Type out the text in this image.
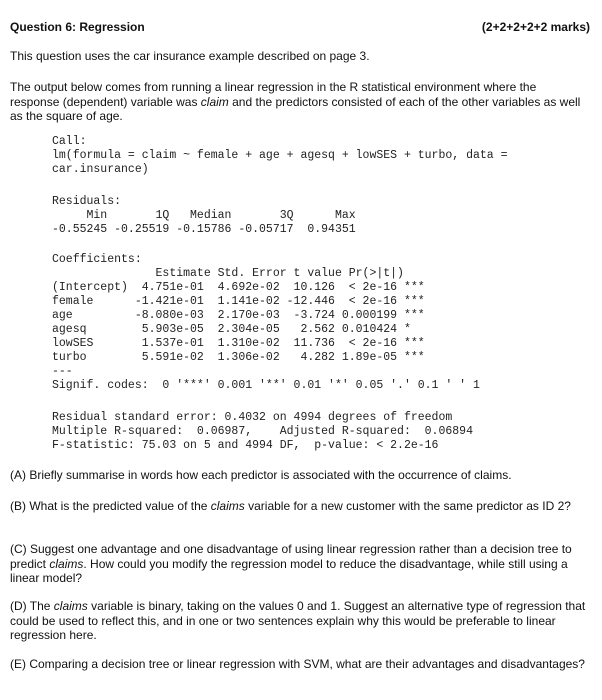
Question 6: Regression	(2+2+2+2+2 marks)
This question uses the car insurance example described on page 3.
The output below comes from running a linear regression in the R statistical environment where the response (dependent) variable was claim and the predictors consisted of each of the other variables as well as the square of age.
Call:
lm(formula = claim ~ female + age + agesq + lowSES + turbo, data =
car.insurance)
Residuals:
Min       1Q   Median       3Q      Max
-0.55245 -0.25519 -0.15786 -0.05717  0.94351
Coefficients:
Estimate Std. Error t value Pr(>|t|)
(Intercept)  4.751e-01  4.692e-02  10.126  < 2e-16 ***
female      -1.421e-01  1.141e-02 -12.446  < 2e-16 ***
age         -8.080e-03  2.170e-03  -3.724 0.000199 ***
agesq        5.903e-05  2.304e-05   2.562 0.010424 *
lowSES       1.537e-01  1.310e-02  11.736  < 2e-16 ***
turbo        5.591e-02  1.306e-02   4.282 1.89e-05 ***
---
Signif. codes:  0 '***' 0.001 '**' 0.01 '*' 0.05 '.' 0.1 ' ' 1
Residual standard error: 0.4032 on 4994 degrees of freedom
Multiple R-squared:  0.06987,    Adjusted R-squared:  0.06894
F-statistic: 75.03 on 5 and 4994 DF,  p-value: < 2.2e-16
(A) Briefly summarise in words how each predictor is associated with the occurrence of claims.
(B) What is the predicted value of the claims variable for a new customer with the same predictor as ID 2?
(C) Suggest one advantage and one disadvantage of using linear regression rather than a decision tree to predict claims. How could you modify the regression model to reduce the disadvantage, while still using a linear model?
(D) The claims variable is binary, taking on the values 0 and 1. Suggest an alternative type of regression that could be used to reflect this, and in one or two sentences explain why this would be preferable to linear regression here.
(E) Comparing a decision tree or linear regression with SVM, what are their advantages and disadvantages?
